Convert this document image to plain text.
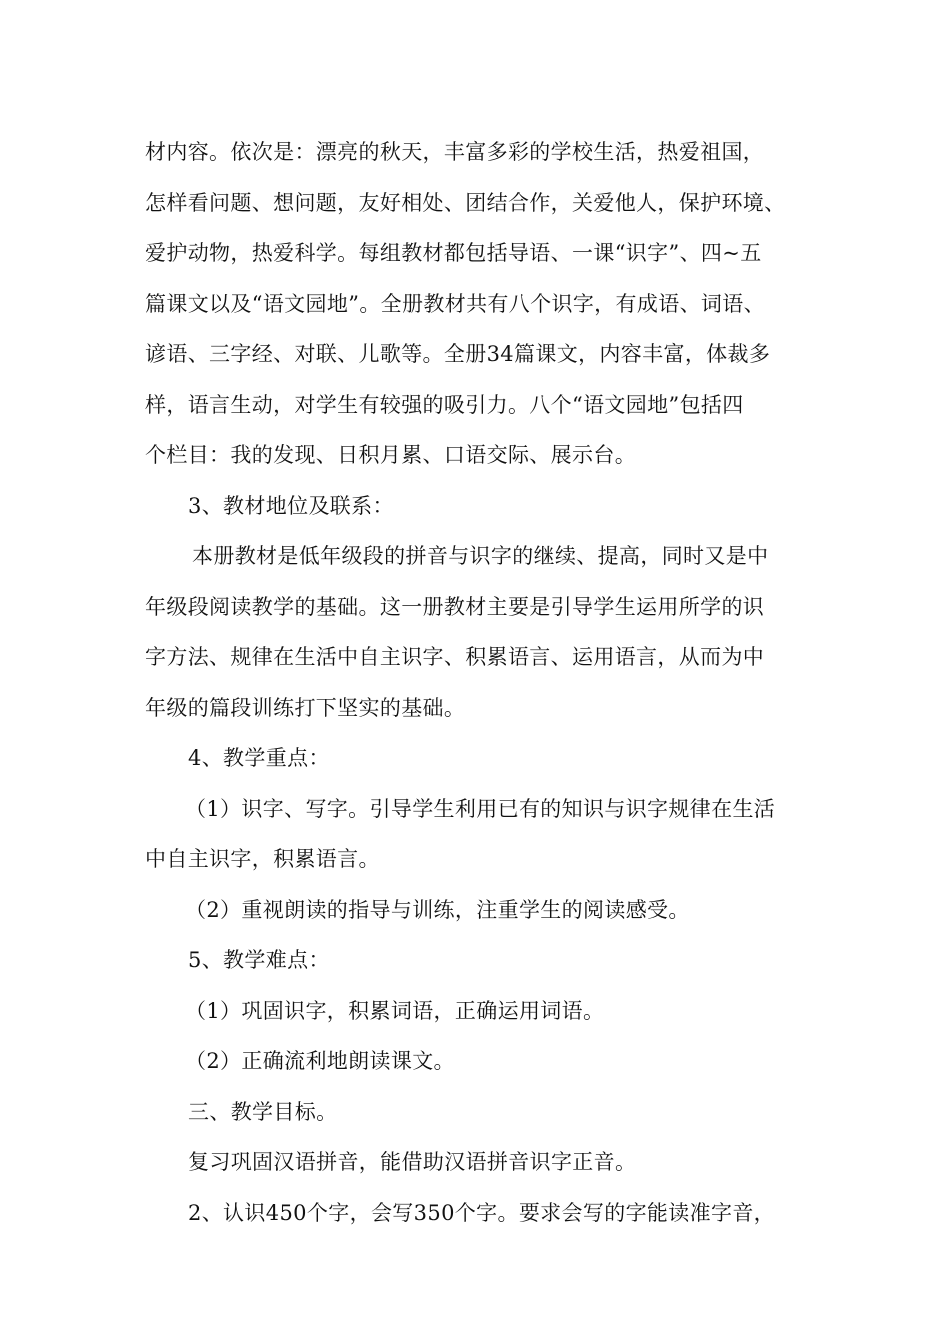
材内容。依次是：漂亮的秋天，丰富多彩的学校生活，热爱祖国，
怎样看问题、想问题，友好相处、团结合作，关爱他人，保护环境、
爱护动物，热爱科学。每组教材都包括导语、一课“识字”、四~五
篇课文以及“语文园地”。全册教材共有八个识字，有成语、词语、
谚语、三字经、对联、儿歌等。全册34篇课文，内容丰富，体裁多
样，语言生动，对学生有较强的吸引力。八个“语文园地”包括四
个栏目：我的发现、日积月累、口语交际、展示台。
3、教材地位及联系：
本册教材是低年级段的拼音与识字的继续、提高，同时又是中
年级段阅读教学的基础。这一册教材主要是引导学生运用所学的识
字方法、规律在生活中自主识字、积累语言、运用语言，从而为中
年级的篇段训练打下坚实的基础。
4、教学重点：
（1）识字、写字。引导学生利用已有的知识与识字规律在生活
中自主识字，积累语言。
（2）重视朗读的指导与训练，注重学生的阅读感受。
5、教学难点：
（1）巩固识字，积累词语，正确运用词语。
（2）正确流利地朗读课文。
三、教学目标。
复习巩固汉语拼音，能借助汉语拼音识字正音。
2、认识450个字，会写350个字。要求会写的字能读准字音，
